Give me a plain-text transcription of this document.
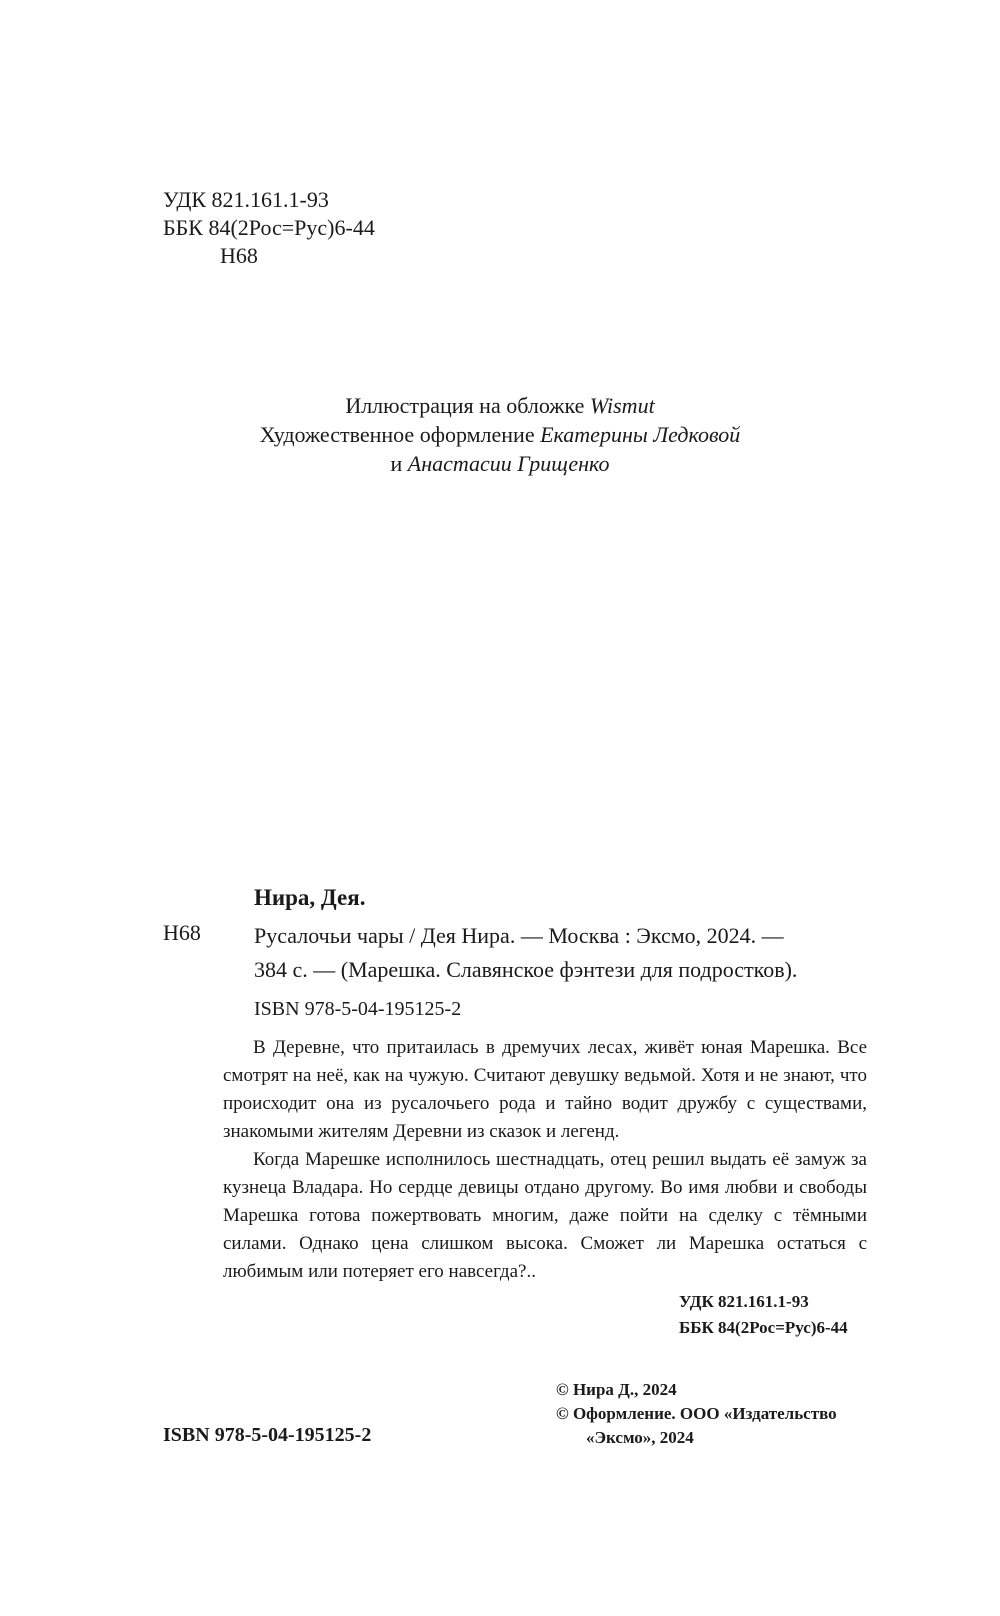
УДК 821.161.1-93
ББК 84(2Рос=Рус)6-44
Н68
Иллюстрация на обложке Wismut
Художественное оформление Екатерины Ледковой
и Анастасии Грищенко
Нира, Дея.
Н68 Русалочьи чары / Дея Нира. — Москва : Эксмо, 2024. —
384 с. — (Марешка. Славянское фэнтези для подростков).
ISBN 978-5-04-195125-2

В Деревне, что притаилась в дремучих лесах, живёт юная Марешка. Все смотрят на неё, как на чужую. Считают девушку ведьмой. Хотя и не знают, что происходит она из русалочьего рода и тайно водит дружбу с существами, знакомыми жителям Деревни из сказок и легенд.

Когда Марешке исполнилось шестнадцать, отец решил выдать её замуж за кузнеца Владара. Но сердце девицы отдано другому. Во имя любви и свободы Марешка готова пожертвовать многим, даже пойти на сделку с тёмными силами. Однако цена слишком высока. Сможет ли Марешка остаться с любимым или потеряет его навсегда?..

УДК 821.161.1-93
ББК 84(2Рос=Рус)6-44
© Нира Д., 2024
© Оформление. ООО «Издательство
«Эксмо», 2024
ISBN 978-5-04-195125-2
